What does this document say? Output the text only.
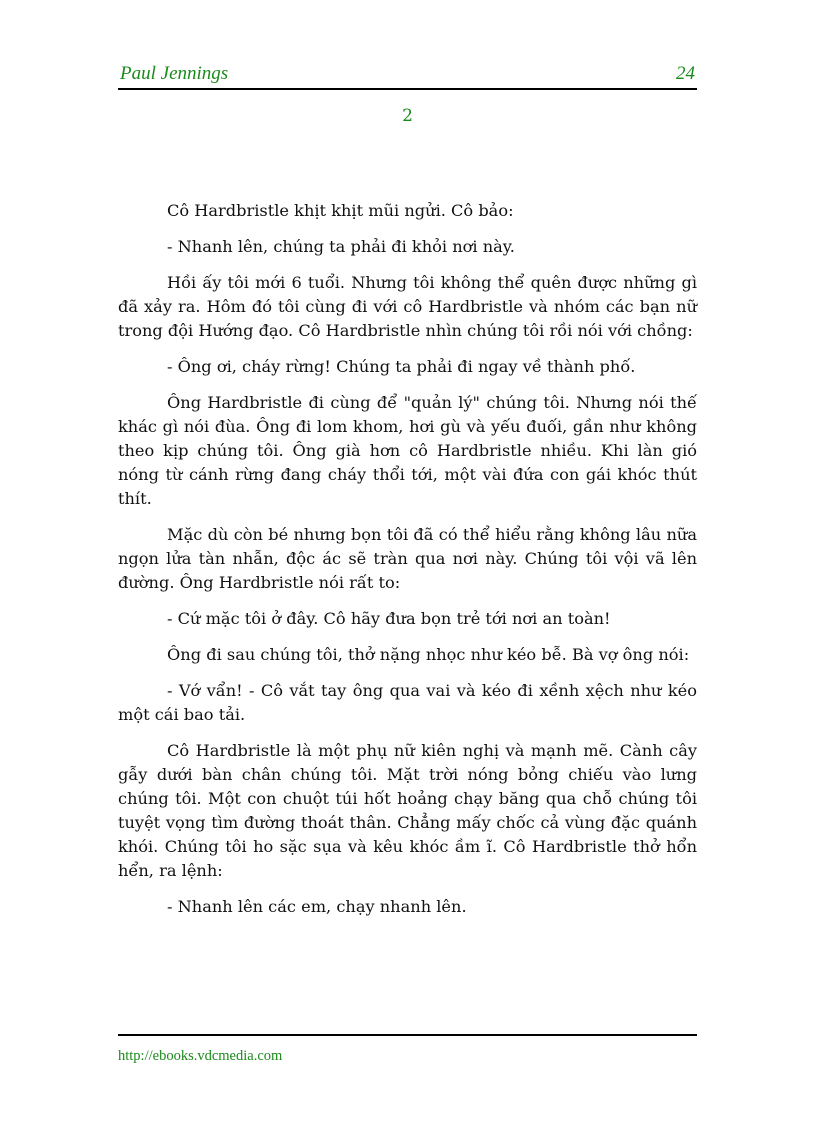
Paul Jennings	24
2

Cô Hardbristle khịt khịt mũi ngửi. Cô bảo:

- Nhanh lên, chúng ta phải đi khỏi nơi này.

Hồi ấy tôi mới 6 tuổi. Nhưng tôi không thể quên được những gì đã xảy ra. Hôm đó tôi cùng đi với cô Hardbristle và nhóm các bạn nữ trong đội Hướng đạo. Cô Hardbristle nhìn chúng tôi rồi nói với chồng:

- Ông ơi, cháy rừng! Chúng ta phải đi ngay về thành phố.

Ông Hardbristle đi cùng để "quản lý" chúng tôi. Nhưng nói thế khác gì nói đùa. Ông đi lom khom, hơi gù và yếu đuối, gần như không theo kịp chúng tôi. Ông già hơn cô Hardbristle nhiều. Khi làn gió nóng từ cánh rừng đang cháy thổi tới, một vài đứa con gái khóc thút thít.

Mặc dù còn bé nhưng bọn tôi đã có thể hiểu rằng không lâu nữa ngọn lửa tàn nhẫn, độc ác sẽ tràn qua nơi này. Chúng tôi vội vã lên đường. Ông Hardbristle nói rất to:

- Cứ mặc tôi ở đây. Cô hãy đưa bọn trẻ tới nơi an toàn!

Ông đi sau chúng tôi, thở nặng nhọc như kéo bễ. Bà vợ ông nói:

- Vớ vẩn! - Cô vắt tay ông qua vai và kéo đi xềnh xệch như kéo một cái bao tải.

Cô Hardbristle là một phụ nữ kiên nghị và mạnh mẽ. Cành cây gẫy dưới bàn chân chúng tôi. Mặt trời nóng bỏng chiếu vào lưng chúng tôi. Một con chuột túi hốt hoảng chạy băng qua chỗ chúng tôi tuyệt vọng tìm đường thoát thân. Chẳng mấy chốc cả vùng đặc quánh khói. Chúng tôi ho sặc sụa và kêu khóc ầm ĩ. Cô Hardbristle thở hổn hển, ra lệnh:

- Nhanh lên các em, chạy nhanh lên.

http://ebooks.vdcmedia.com
